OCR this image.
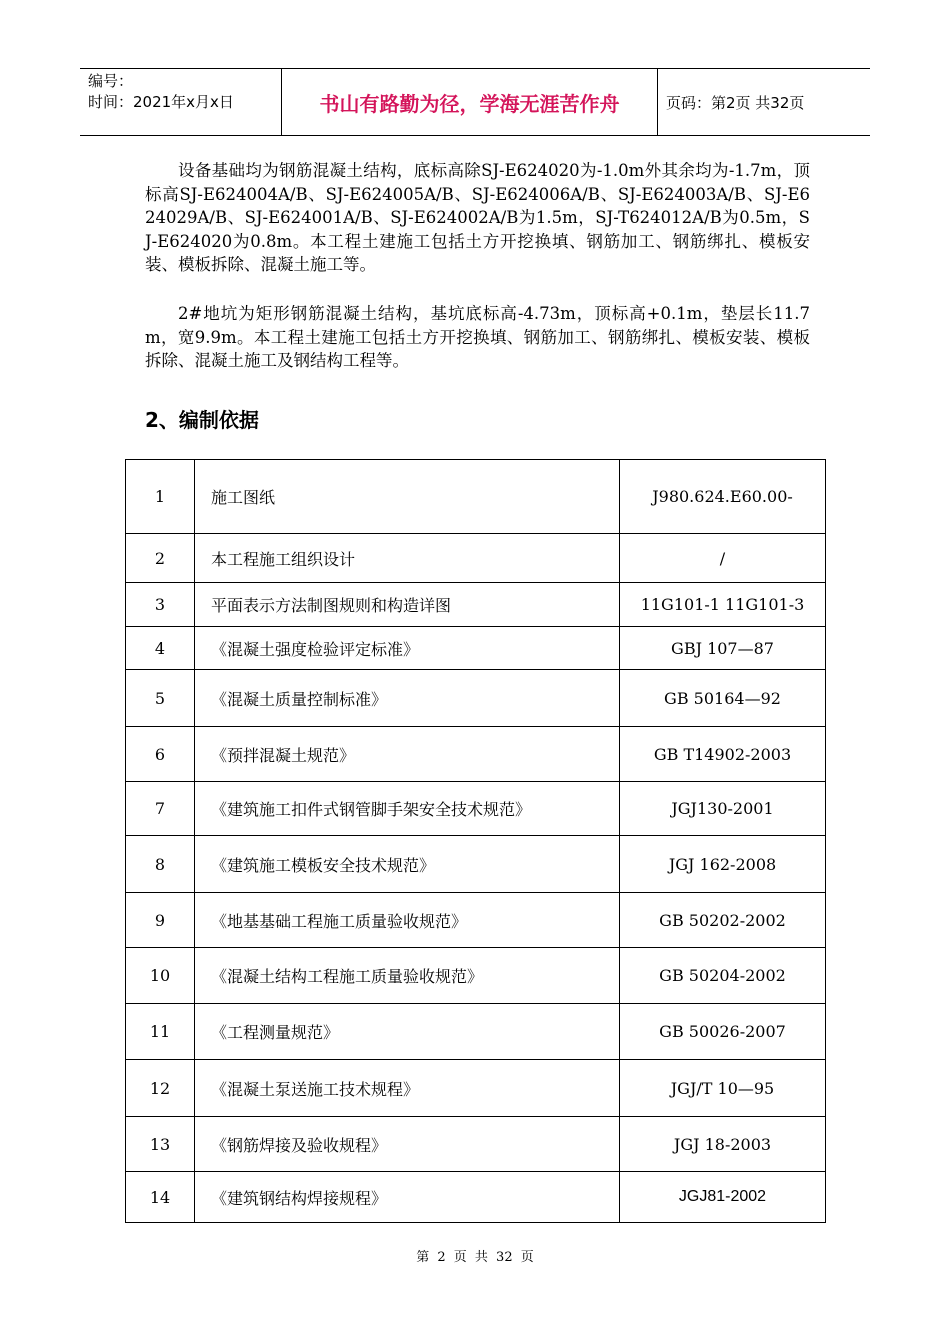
编号：
时间：2021年x月x日	书山有路勤为径，学海无涯苦作舟	页码：第2页 共32页

设备基础均为钢筋混凝土结构，底标高除SJ-E624020为-1.0m外其余均为-1.7m，顶标高SJ-E624004A/B、SJ-E624005A/B、SJ-E624006A/B、SJ-E624003A/B、SJ-E624029A/B、SJ-E624001A/B、SJ-E624002A/B为1.5m，SJ-T624012A/B为0.5m，SJ-E624020为0.8m。本工程土建施工包括土方开挖换填、钢筋加工、钢筋绑扎、模板安装、模板拆除、混凝土施工等。

2#地坑为矩形钢筋混凝土结构，基坑底标高-4.73m，顶标高+0.1m，垫层长11.7m，宽9.9m。本工程土建施工包括土方开挖换填、钢筋加工、钢筋绑扎、模板安装、模板拆除、混凝土施工及钢结构工程等。

2、编制依据
1	施工图纸	J980.624.E60.00-
2	本工程施工组织设计	/
3	平面表示方法制图规则和构造详图	11G101-1 11G101-3
4	《混凝土强度检验评定标准》	GBJ 107—87
5	《混凝土质量控制标准》	GB 50164—92
6	《预拌混凝土规范》	GB T14902-2003
7	《建筑施工扣件式钢管脚手架安全技术规范》	JGJ130-2001
8	《建筑施工模板安全技术规范》	JGJ 162-2008
9	《地基基础工程施工质量验收规范》	GB 50202-2002
10	《混凝土结构工程施工质量验收规范》	GB 50204-2002
11	《工程测量规范》	GB 50026-2007
12	《混凝土泵送施工技术规程》	JGJ/T 10—95
13	《钢筋焊接及验收规程》	JGJ 18-2003
14	《建筑钢结构焊接规程》	JGJ81-2002
第 2 页 共 32 页
